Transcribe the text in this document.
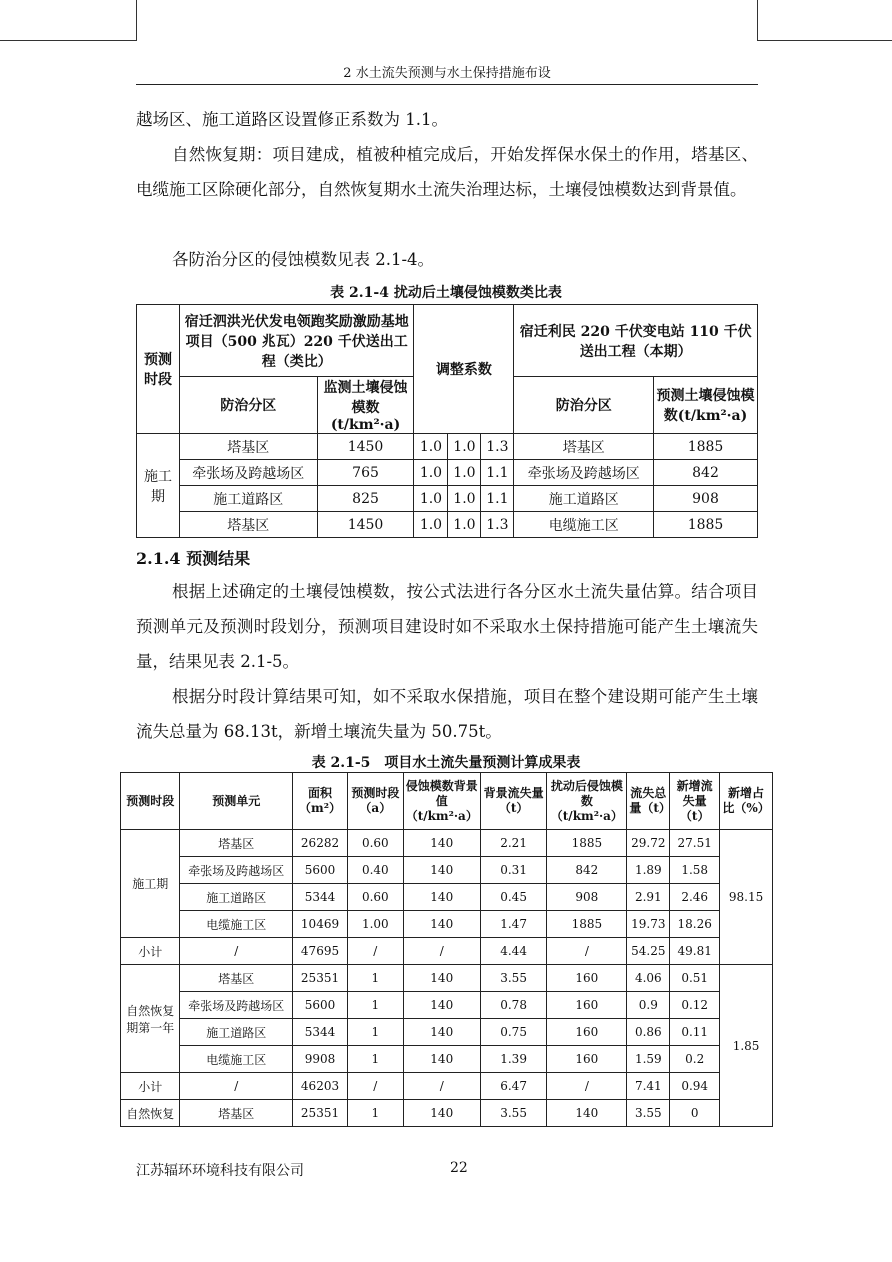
2 水土流失预测与水土保持措施布设
越场区、施工道路区设置修正系数为 1.1。
自然恢复期：项目建成，植被种植完成后，开始发挥保水保土的作用，塔基区、电缆施工区除硬化部分，自然恢复期水土流失治理达标，土壤侵蚀模数达到背景值。
各防治分区的侵蚀模数见表 2.1-4。
表 2.1-4 扰动后土壤侵蚀模数类比表
预测时段	宿迁泗洪光伏发电领跑奖励激励基地项目（500 兆瓦）220 千伏送出工程（类比）		调整系数			宿迁利民 220 千伏变电站 110 千伏送出工程（本期）	
	防治分区	监测土壤侵蚀模数(t/km²·a)				防治分区	预测土壤侵蚀模数(t/km²·a)
施工期	塔基区	1450	1.0	1.0	1.3	塔基区	1885
	牵张场及跨越场区	765	1.0	1.0	1.1	牵张场及跨越场区	842
	施工道路区	825	1.0	1.0	1.1	施工道路区	908
	塔基区	1450	1.0	1.0	1.3	电缆施工区	1885
2.1.4 预测结果
根据上述确定的土壤侵蚀模数，按公式法进行各分区水土流失量估算。结合项目预测单元及预测时段划分，预测项目建设时如不采取水土保持措施可能产生土壤流失量，结果见表 2.1-5。
根据分时段计算结果可知，如不采取水保措施，项目在整个建设期可能产生土壤流失总量为 68.13t，新增土壤流失量为 50.75t。
表 2.1-5　项目水土流失量预测计算成果表
预测时段	预测单元	面积（m²）	预测时段（a）	侵蚀模数背景值（t/km²·a）	背景流失量（t）	扰动后侵蚀模数（t/km²·a）	流失总量（t）	新增流失量（t）	新增占比（%）
施工期	塔基区	26282	0.60	140	2.21	1885	29.72	27.51	98.15
	牵张场及跨越场区	5600	0.40	140	0.31	842	1.89	1.58	
	施工道路区	5344	0.60	140	0.45	908	2.91	2.46	
	电缆施工区	10469	1.00	140	1.47	1885	19.73	18.26	
小计	/	47695	/	/	4.44	/	54.25	49.81	
自然恢复期第一年	塔基区	25351	1	140	3.55	160	4.06	0.51	1.85
	牵张场及跨越场区	5600	1	140	0.78	160	0.9	0.12	
	施工道路区	5344	1	140	0.75	160	0.86	0.11	
	电缆施工区	9908	1	140	1.39	160	1.59	0.2	
小计	/	46203	/	/	6.47	/	7.41	0.94	
自然恢复	塔基区	25351	1	140	3.55	140	3.55	0	
江苏辐环环境科技有限公司	22
